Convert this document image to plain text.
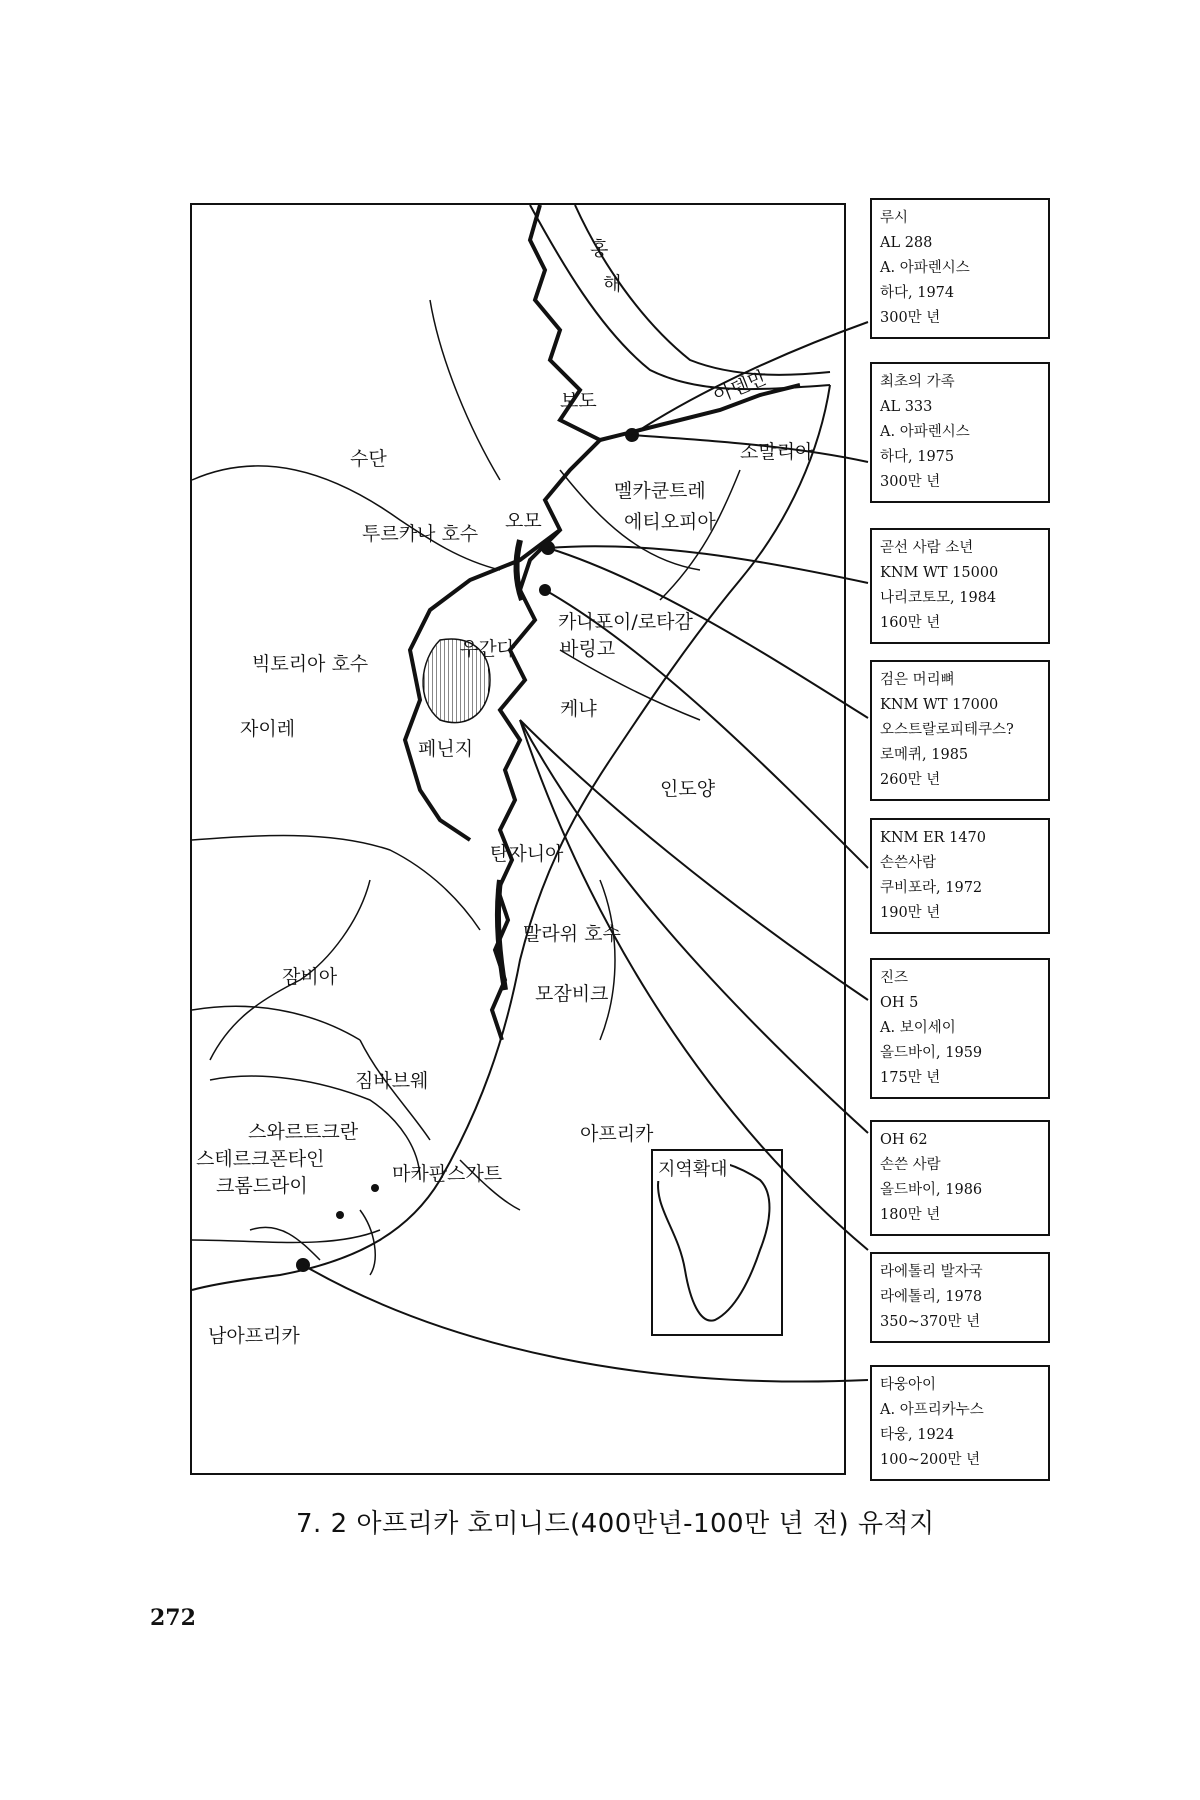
홍
해
아덴만
보도
수단	소말리아
멜카쿤트레
에티오피아
오모
투르카나 호수
카나포이/로타감
바링고
우간다
빅토리아 호수
케냐
자이레
페닌지
인도양
탄자니아
말라위 호수
잠비아
모잠비크
짐바브웨
스와르트크란
스테르크폰타인
크롬드라이
마카판스가트
아프리카
남아프리카
지역확대
루시
AL 288
A. 아파렌시스
하다, 1974
300만 년
최초의 가족
AL 333
A. 아파렌시스
하다, 1975
300만 년
곧선 사람 소년
KNM WT 15000
나리코토모, 1984
160만 년
검은 머리뼈
KNM WT 17000
오스트랄로피테쿠스?
로메퀴, 1985
260만 년
KNM ER 1470
손쓴사람
쿠비포라, 1972
190만 년
진즈
OH 5
A. 보이세이
올드바이, 1959
175만 년
OH 62
손쓴 사람
올드바이, 1986
180만 년
라에톨리 발자국
라에톨리, 1978
350~370만 년
타웅아이
A. 아프리카누스
타웅, 1924
100~200만 년
7. 2 아프리카 호미니드(400만년-100만 년 전) 유적지
272
